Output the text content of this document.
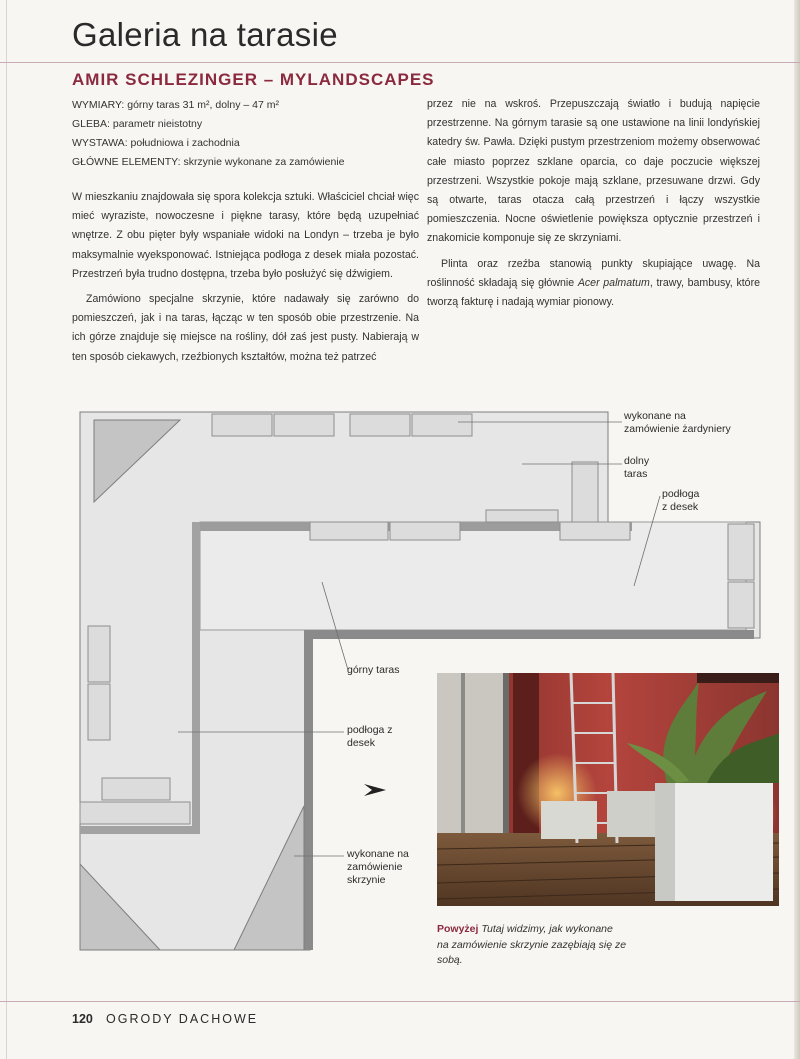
Galeria na tarasie
AMIR SCHLEZINGER – MYLANDSCAPES
WYMIARY: górny taras 31 m², dolny – 47 m²
GLEBA: parametr nieistotny
WYSTAWA: południowa i zachodnia
GŁÓWNE ELEMENTY: skrzynie wykonane za zamówienie

W mieszkaniu znajdowała się spora kolekcja sztuki. Właściciel chciał więc mieć wyraziste, nowoczesne i piękne tarasy, które będą uzupełniać wnętrze. Z obu pięter były wspaniałe widoki na Londyn – trzeba je było maksymalnie wyeksponować. Istniejąca podłoga z desek miała pozostać. Przestrzeń była trudno dostępna, trzeba było posłużyć się dźwigiem.

Zamówiono specjalne skrzynie, które nadawały się zarówno do pomieszczeń, jak i na taras, łącząc w ten sposób obie przestrzenie. Na ich górze znajduje się miejsce na rośliny, dół zaś jest pusty. Nabierają w ten sposób ciekawych, rzeźbionych kształtów, można też patrzeć

przez nie na wskroś. Przepuszczają światło i budują napięcie przestrzenne. Na górnym tarasie są one ustawione na linii londyńskiej katedry św. Pawła. Dzięki pustym przestrzeniom możemy obserwować całe miasto poprzez szklane oparcia, co daje poczucie większej przestrzeni. Wszystkie pokoje mają szklane, przesuwane drzwi. Gdy są otwarte, taras otacza całą przestrzeń i łączy wszystkie pomieszczenia. Nocne oświetlenie powiększa optycznie przestrzeń i znakomicie komponuje się ze skrzyniami.

Plinta oraz rzeźba stanowią punkty skupiające uwagę. Na roślinność składają się głównie Acer palmatum, trawy, bambusy, które tworzą fakturę i nadają wymiar pionowy.

wykonane na zamówienie żardyniery
dolny taras
podłoga z desek
górny taras
podłoga z desek
wykonane na zamówienie skrzynie
Powyżej Tutaj widzimy, jak wykonane na zamówienie skrzynie zazębiają się ze sobą.
120 OGRODY DACHOWE
